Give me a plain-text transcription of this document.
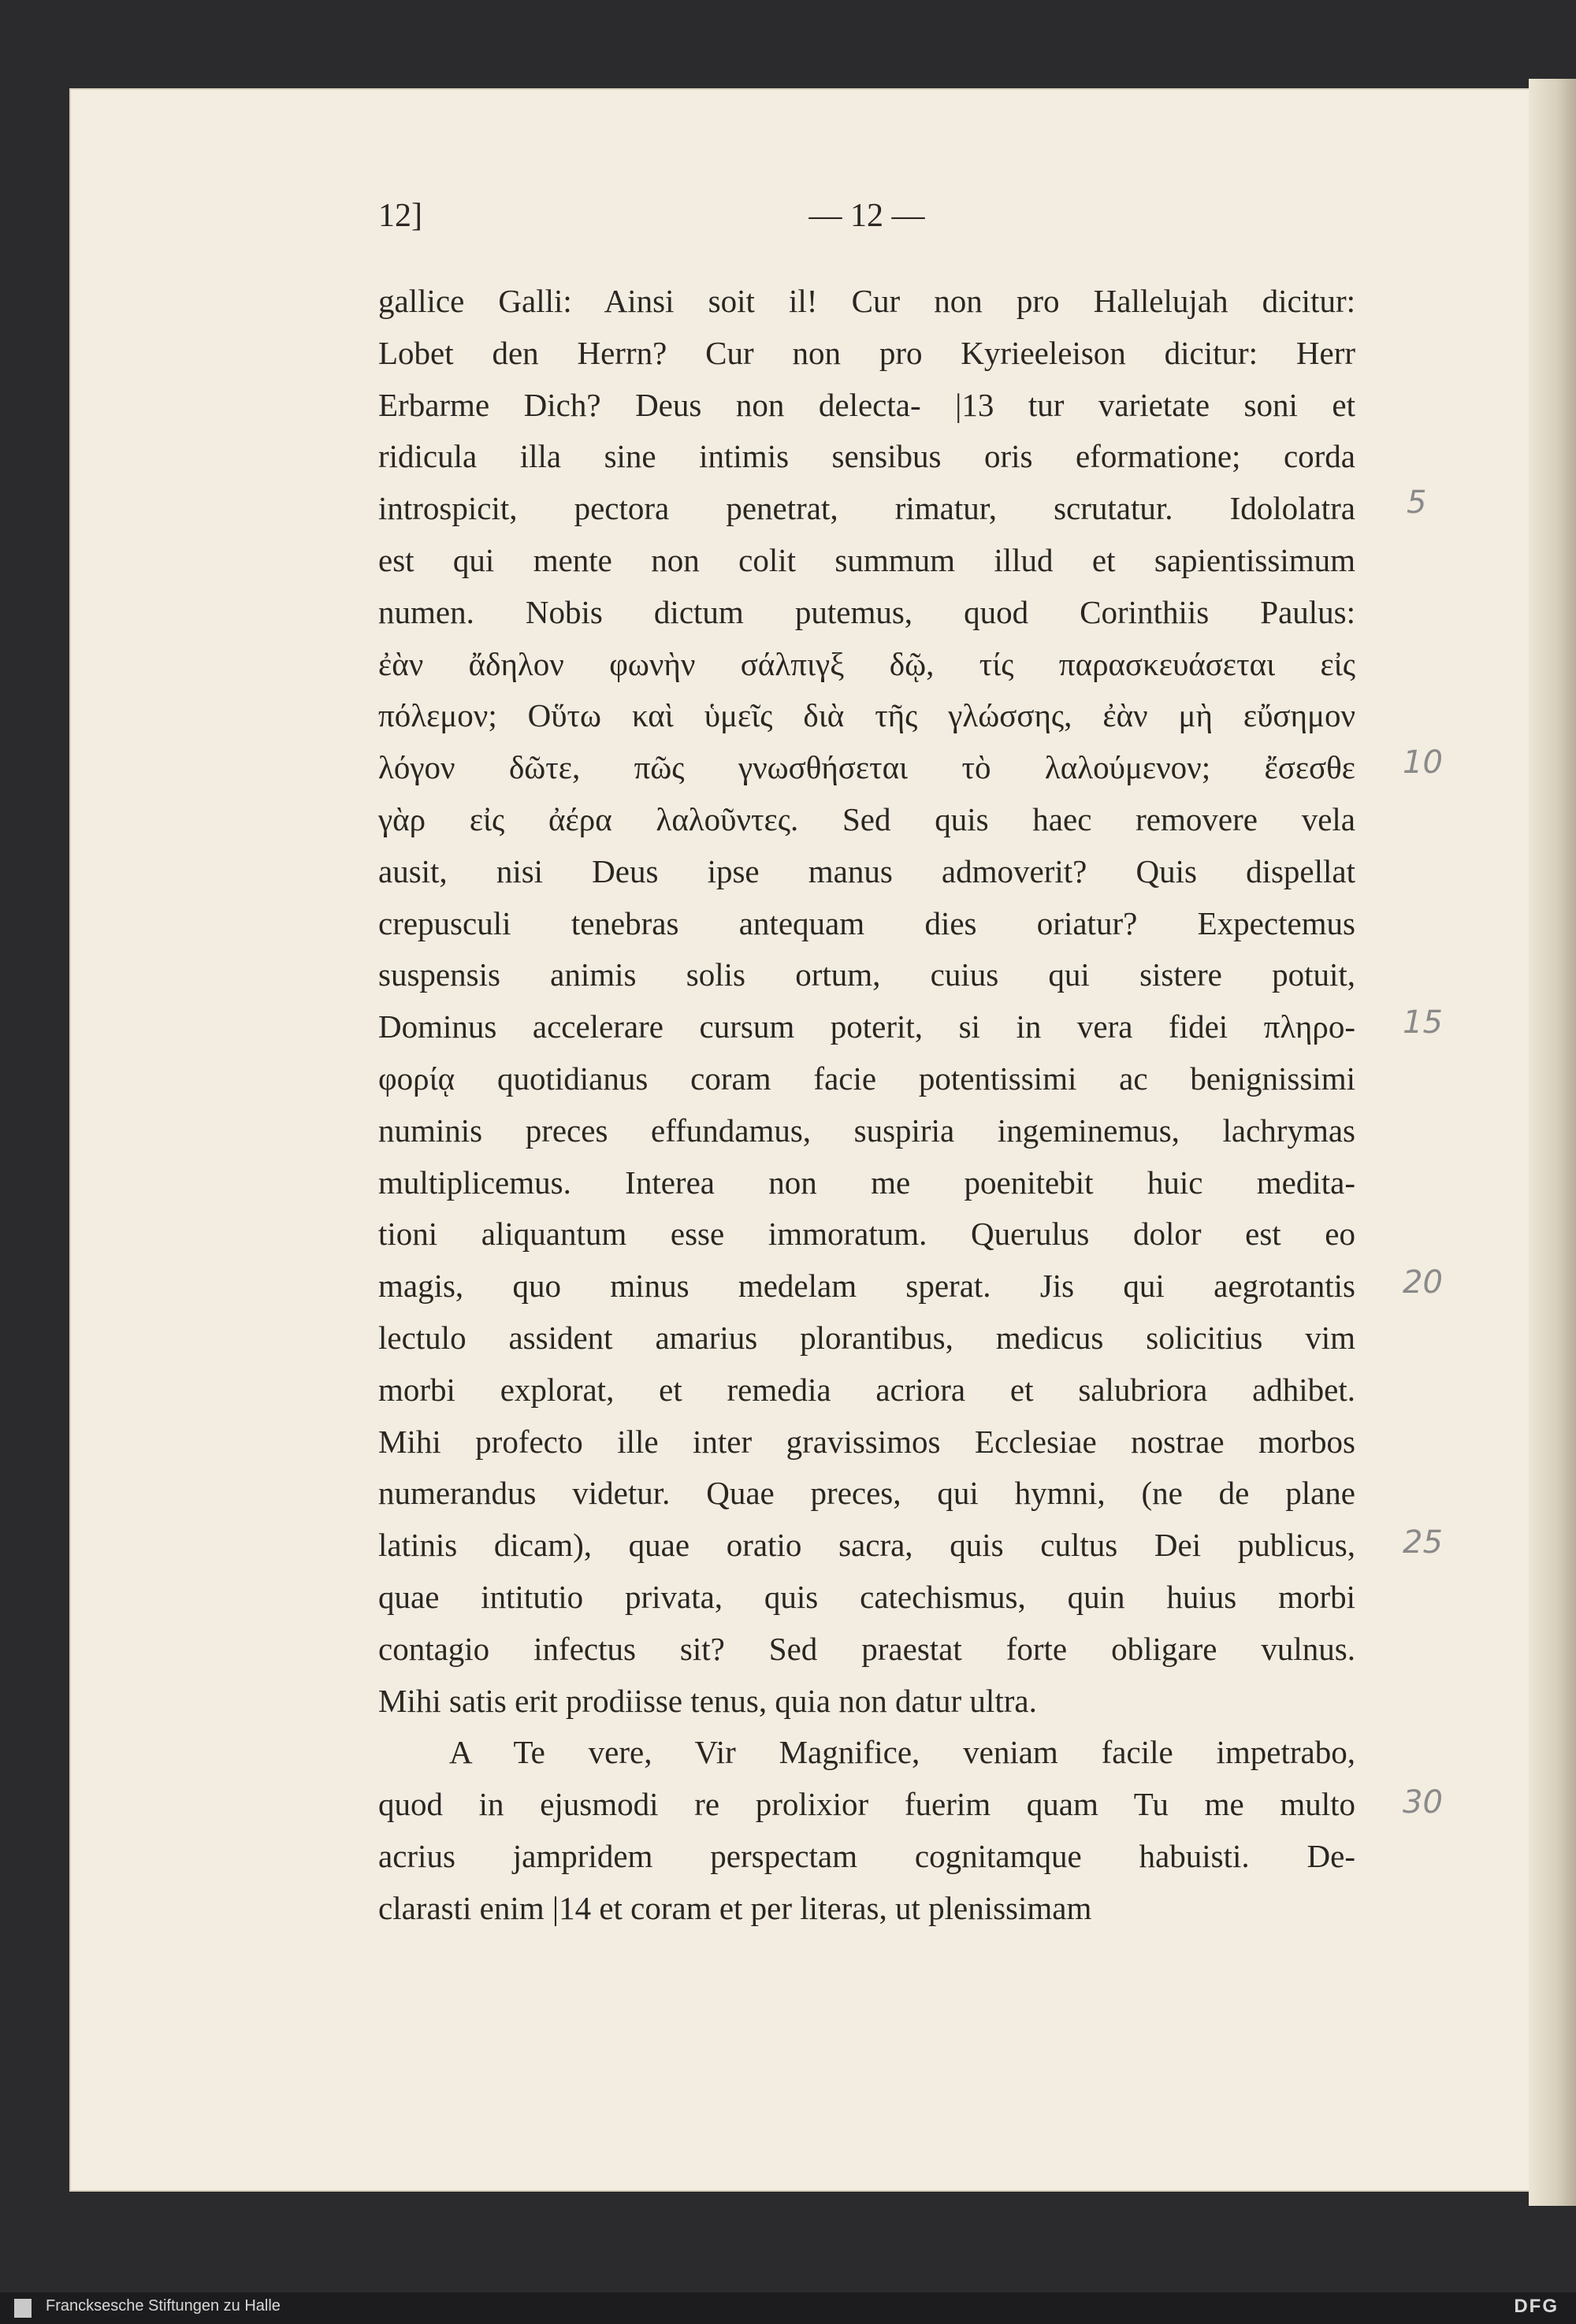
12]	— 12 —
gallice Galli: Ainsi soit il! Cur non pro Hallelujah dicitur:
Lobet den Herrn? Cur non pro Kyrieeleison dicitur: Herr
Erbarme Dich? Deus non delecta- |13 tur varietate soni et
ridicula illa sine intimis sensibus oris eformatione; corda
introspicit, pectora penetrat, rimatur, scrutatur. Idololatra
est qui mente non colit summum illud et sapientissimum
numen. Nobis dictum putemus, quod Corinthiis Paulus:
ἐὰν ἄδηλον φωνὴν σάλπιγξ δῷ, τίς παρασκευάσεται εἰς
πόλεμον; Οὕτω καὶ ὑμεῖς διὰ τῆς γλώσσης, ἐὰν μὴ εὔσημον
λόγον δῶτε, πῶς γνωσθήσεται τὸ λαλούμενον; ἔσεσθε
γὰρ εἰς ἀέρα λαλοῦντες. Sed quis haec removere vela
ausit, nisi Deus ipse manus admoverit? Quis dispellat
crepusculi tenebras antequam dies oriatur? Expectemus
suspensis animis solis ortum, cuius qui sistere potuit,
Dominus accelerare cursum poterit, si in vera fidei πληρο-
φορίᾳ quotidianus coram facie potentissimi ac benignissimi
numinis preces effundamus, suspiria ingeminemus, lachrymas
multiplicemus. Interea non me poenitebit huic medita-
tioni aliquantum esse immoratum. Querulus dolor est eo
magis, quo minus medelam sperat. Jis qui aegrotantis
lectulo assident amarius plorantibus, medicus solicitius vim
morbi explorat, et remedia acriora et salubriora adhibet.
Mihi profecto ille inter gravissimos Ecclesiae nostrae morbos
numerandus videtur. Quae preces, qui hymni, (ne de plane
latinis dicam), quae oratio sacra, quis cultus Dei publicus,
quae intitutio privata, quis catechismus, quin huius morbi
contagio infectus sit? Sed praestat forte obligare vulnus.
Mihi satis erit prodiisse tenus, quia non datur ultra.
A Te vere, Vir Magnifice, veniam facile impetrabo,
quod in ejusmodi re prolixior fuerim quam Tu me multo
acrius jampridem perspectam cognitamque habuisti. De-
clarasti enim |14 et coram et per literas, ut plenissimam
5
10
15
20
25
30
Francksesche Stiftungen zu Halle	DFG
